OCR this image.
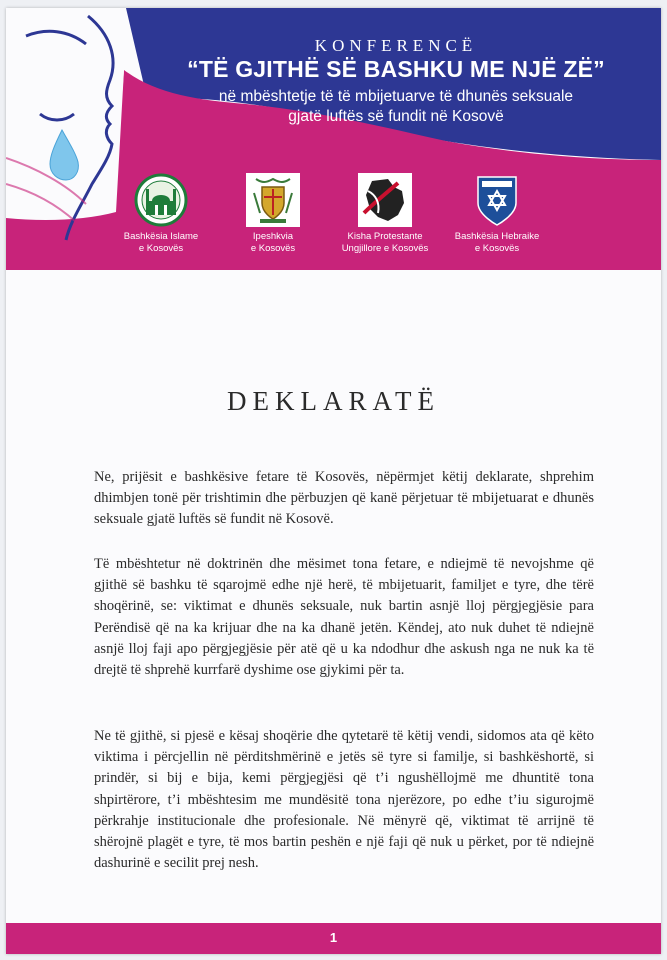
KONFERENCË
“TË GJITHË SË BASHKU ME NJË ZË”
në mbështetje të të mbijetuarve të dhunës seksuale
gjatë luftës së fundit në Kosovë
Bashkësia Islame
e Kosovës
Ipeshkvia
e Kosovës
Kisha Protestante
Ungjillore e Kosovës
Bashkësia Hebraike
e Kosovës
DEKLARATË

Ne, prijësit e bashkësive fetare të Kosovës, nëpërmjet këtij deklarate, shprehim dhimbjen tonë për trishtimin dhe përbuzjen që kanë përjetuar të mbijetuarat e dhunës seksuale gjatë luftës së fundit në Kosovë.

Të mbështetur në doktrinën dhe mësimet tona fetare, e ndiejmë të nevojshme që gjithë së bashku të sqarojmë edhe një herë, të mbijetuarit, familjet e tyre, dhe tërë shoqërinë, se: viktimat e dhunës seksuale, nuk bartin asnjë lloj përgjegjësie para Perëndisë që na ka krijuar dhe na ka dhanë jetën. Këndej, ato nuk duhet të ndiejnë asnjë lloj faji apo përgjegjësie për atë që u ka ndodhur dhe askush nga ne nuk ka të drejtë të shprehë kurrfarë dyshime ose gjykimi për ta.

Ne të gjithë, si pjesë e kësaj shoqërie dhe qytetarë të këtij vendi, sidomos ata që këto viktima i përcjellin në përditshmërinë e jetës së tyre si familje, si bashkëshortë, si prindër, si bij e bija, kemi përgjegjësi që t’i ngushëllojmë me dhuntitë tona shpirtërore, t’i mbështesim me mundësitë tona njerëzore, po edhe t’iu sigurojmë përkrahje institucionale dhe profesionale. Në mënyrë që, viktimat të arrijnë të shërojnë plagët e tyre, të mos bartin peshën e një faji që nuk u përket, por të ndiejnë dashurinë e secilit prej nesh.

1
